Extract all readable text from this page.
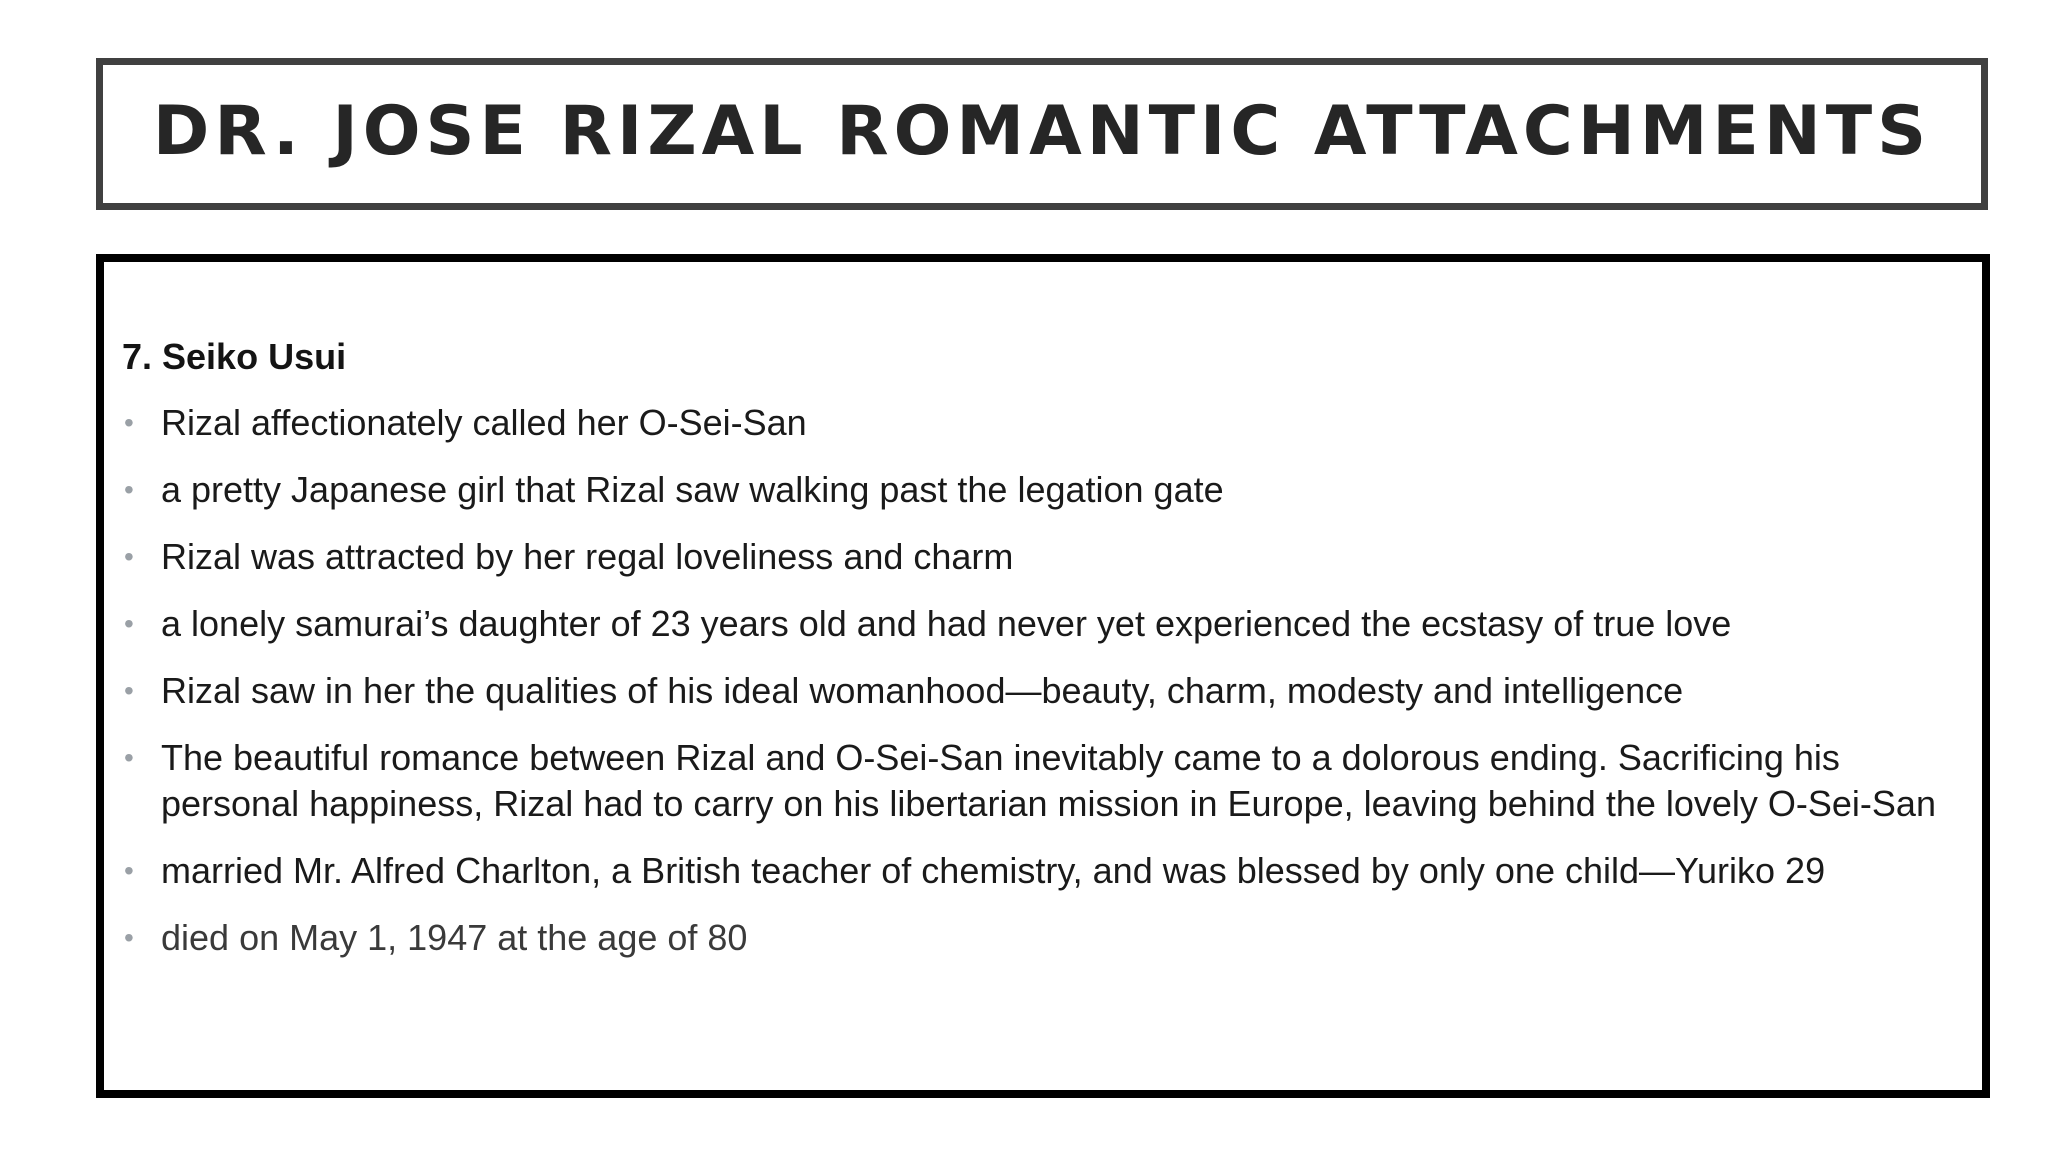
DR. JOSE RIZAL ROMANTIC ATTACHMENTS
7. Seiko Usui
• Rizal affectionately called her O-Sei-San
• a pretty Japanese girl that Rizal saw walking past the legation gate
• Rizal was attracted by her regal loveliness and charm
• a lonely samurai’s daughter of 23 years old and had never yet experienced the ecstasy of true love
• Rizal saw in her the qualities of his ideal womanhood—beauty, charm, modesty and intelligence
• The beautiful romance between Rizal and O-Sei-San inevitably came to a dolorous ending. Sacrificing his personal happiness, Rizal had to carry on his libertarian mission in Europe, leaving behind the lovely O-Sei-San
• married Mr. Alfred Charlton, a British teacher of chemistry, and was blessed by only one child—Yuriko 29
• died on May 1, 1947 at the age of 80
